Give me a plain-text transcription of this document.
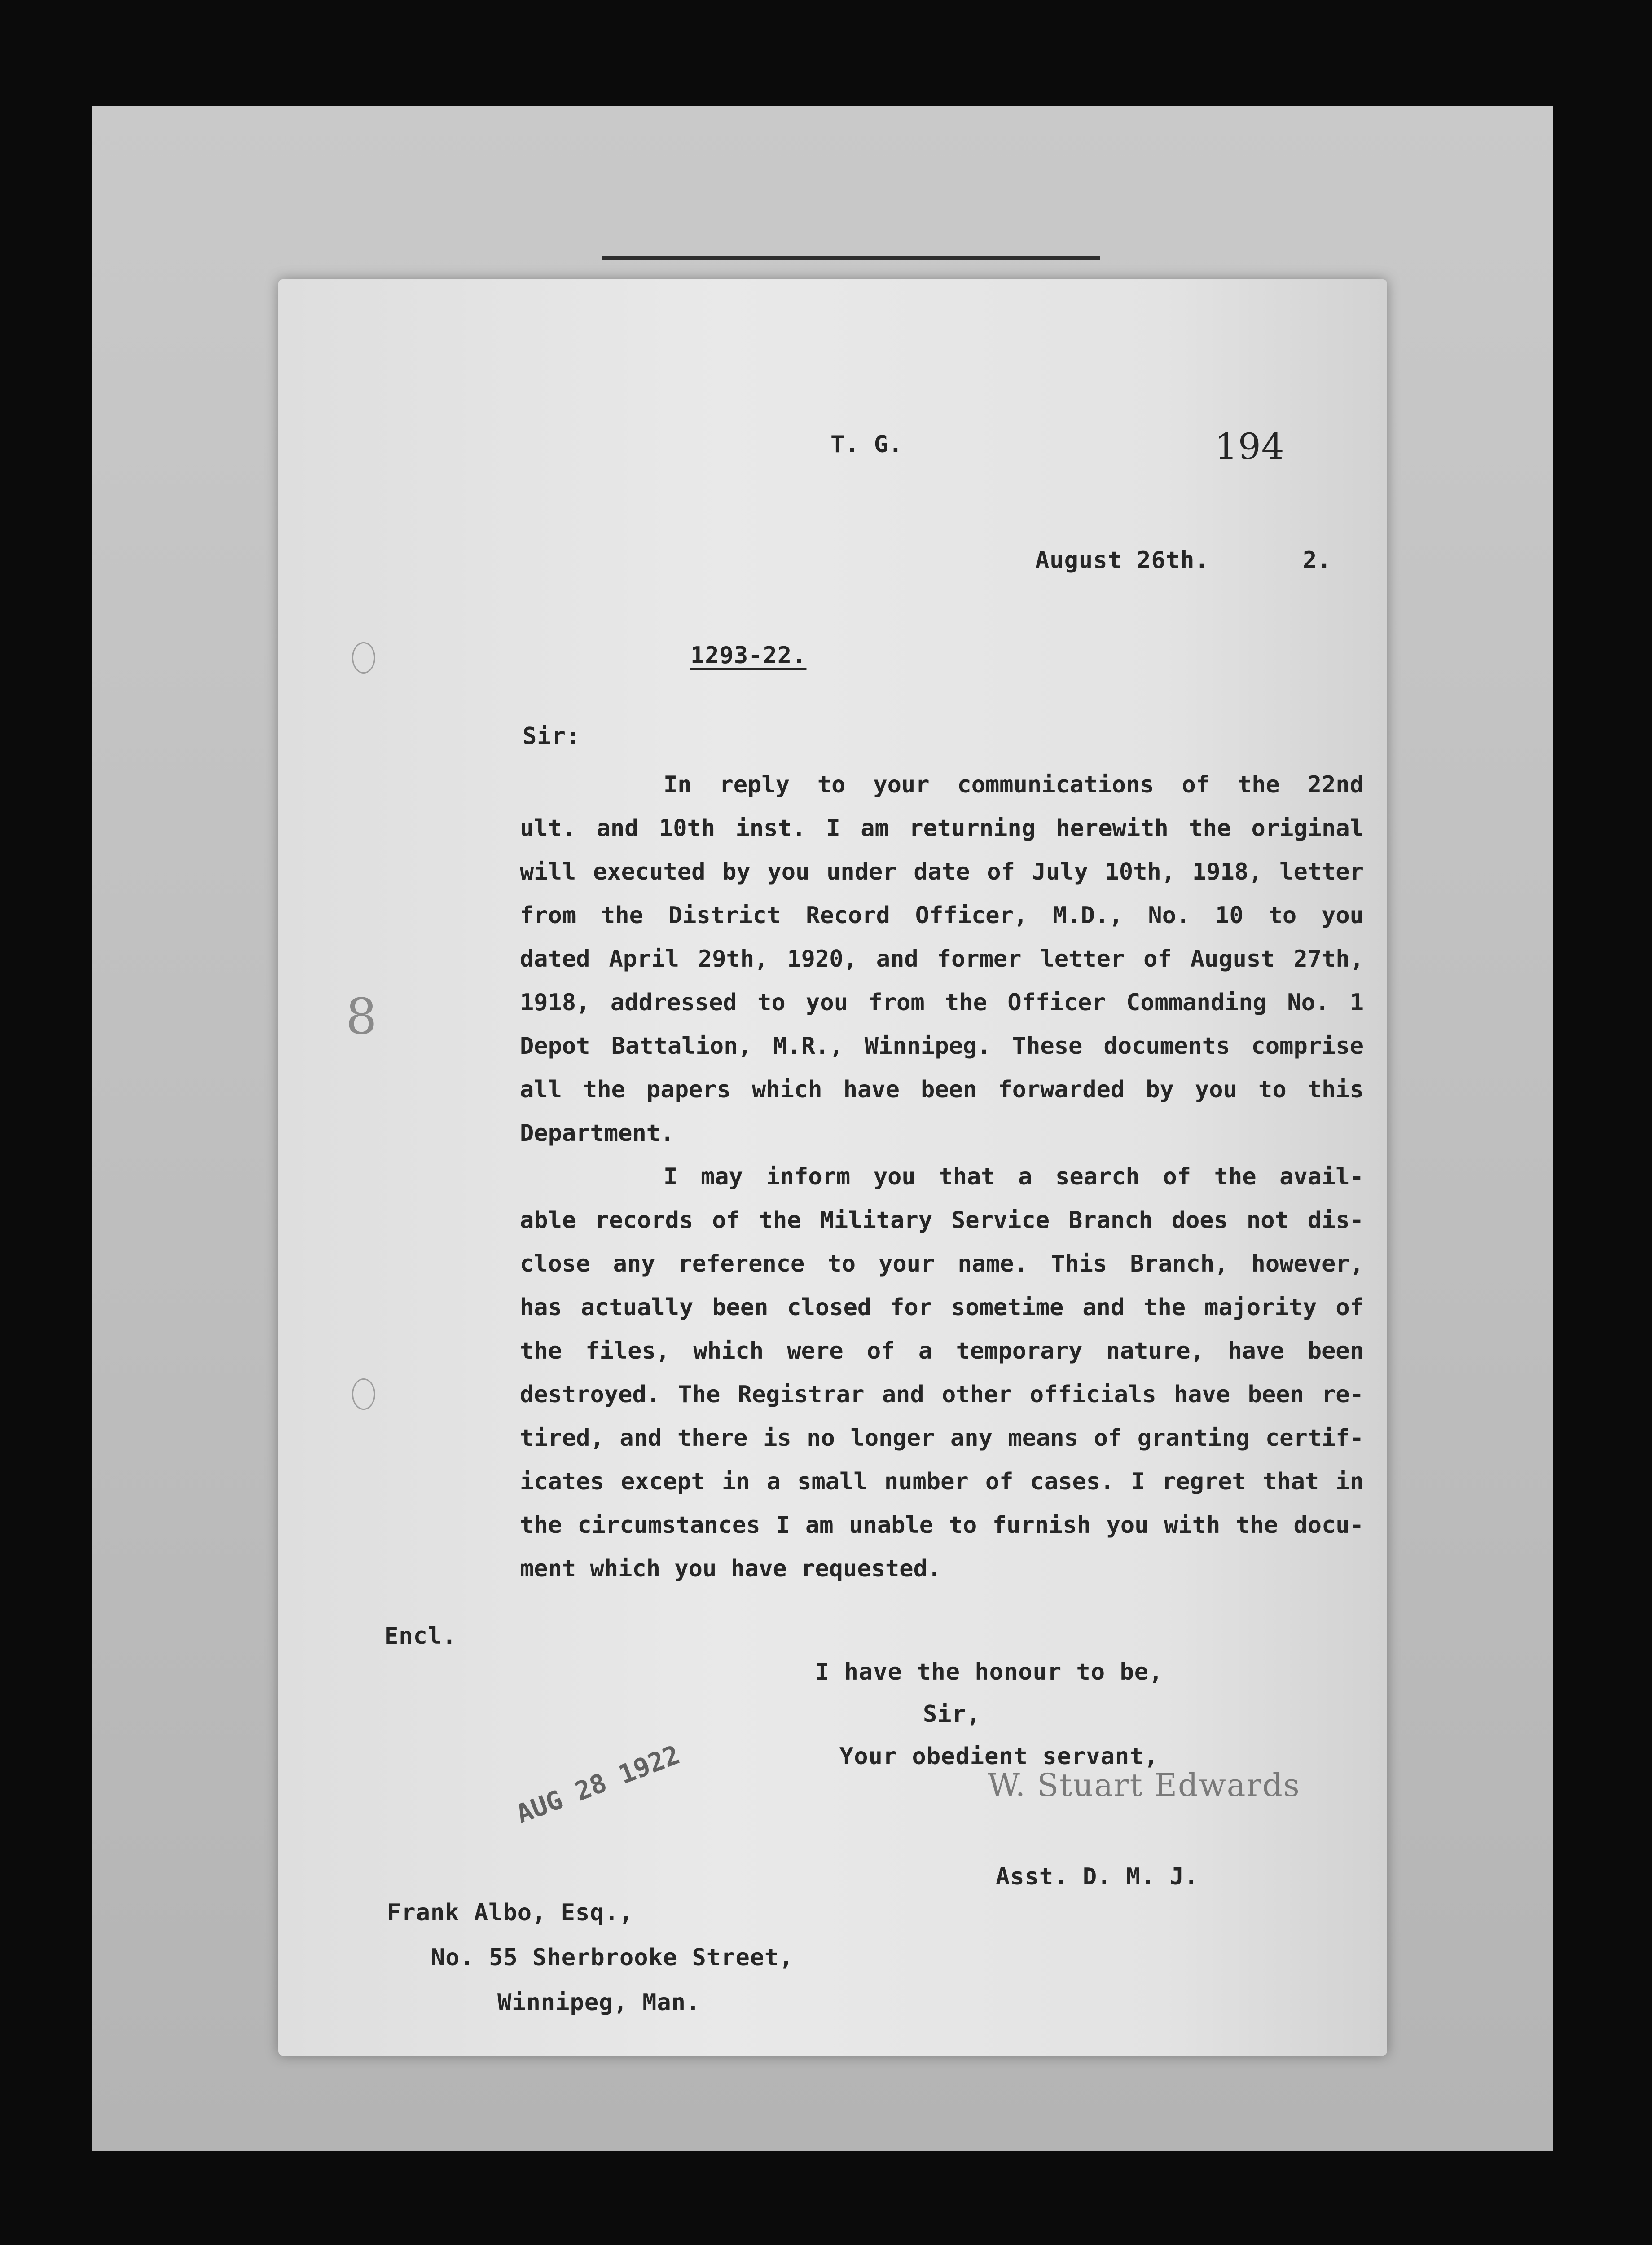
8
T. G.	194
August 26th.	2.
1293-22.
Sir:
In reply to your communications of the 22nd
ult. and 10th inst. I am returning herewith the original
will executed by you under date of July 10th, 1918, letter
from the District Record Officer, M.D., No. 10 to you
dated April 29th, 1920, and former letter of August 27th,
1918, addressed to you from the Officer Commanding No. 1
Depot Battalion, M.R., Winnipeg. These documents comprise
all the papers which have been forwarded by you to this
Department.
I may inform you that a search of the avail-
able records of the Military Service Branch does not dis-
close any reference to your name. This Branch, however,
has actually been closed for sometime and the majority of
the files, which were of a temporary nature, have been
destroyed. The Registrar and other officials have been re-
tired, and there is no longer any means of granting certif-
icates except in a small number of cases. I regret that in
the circumstances I am unable to furnish you with the docu-
ment which you have requested.
Encl.
I have the honour to be,
Sir,
Your obedient servant,
W. Stuart Edwards
AUG 28 1922
Asst. D. M. J.
Frank Albo, Esq.,
No. 55 Sherbrooke Street,
Winnipeg, Man.
